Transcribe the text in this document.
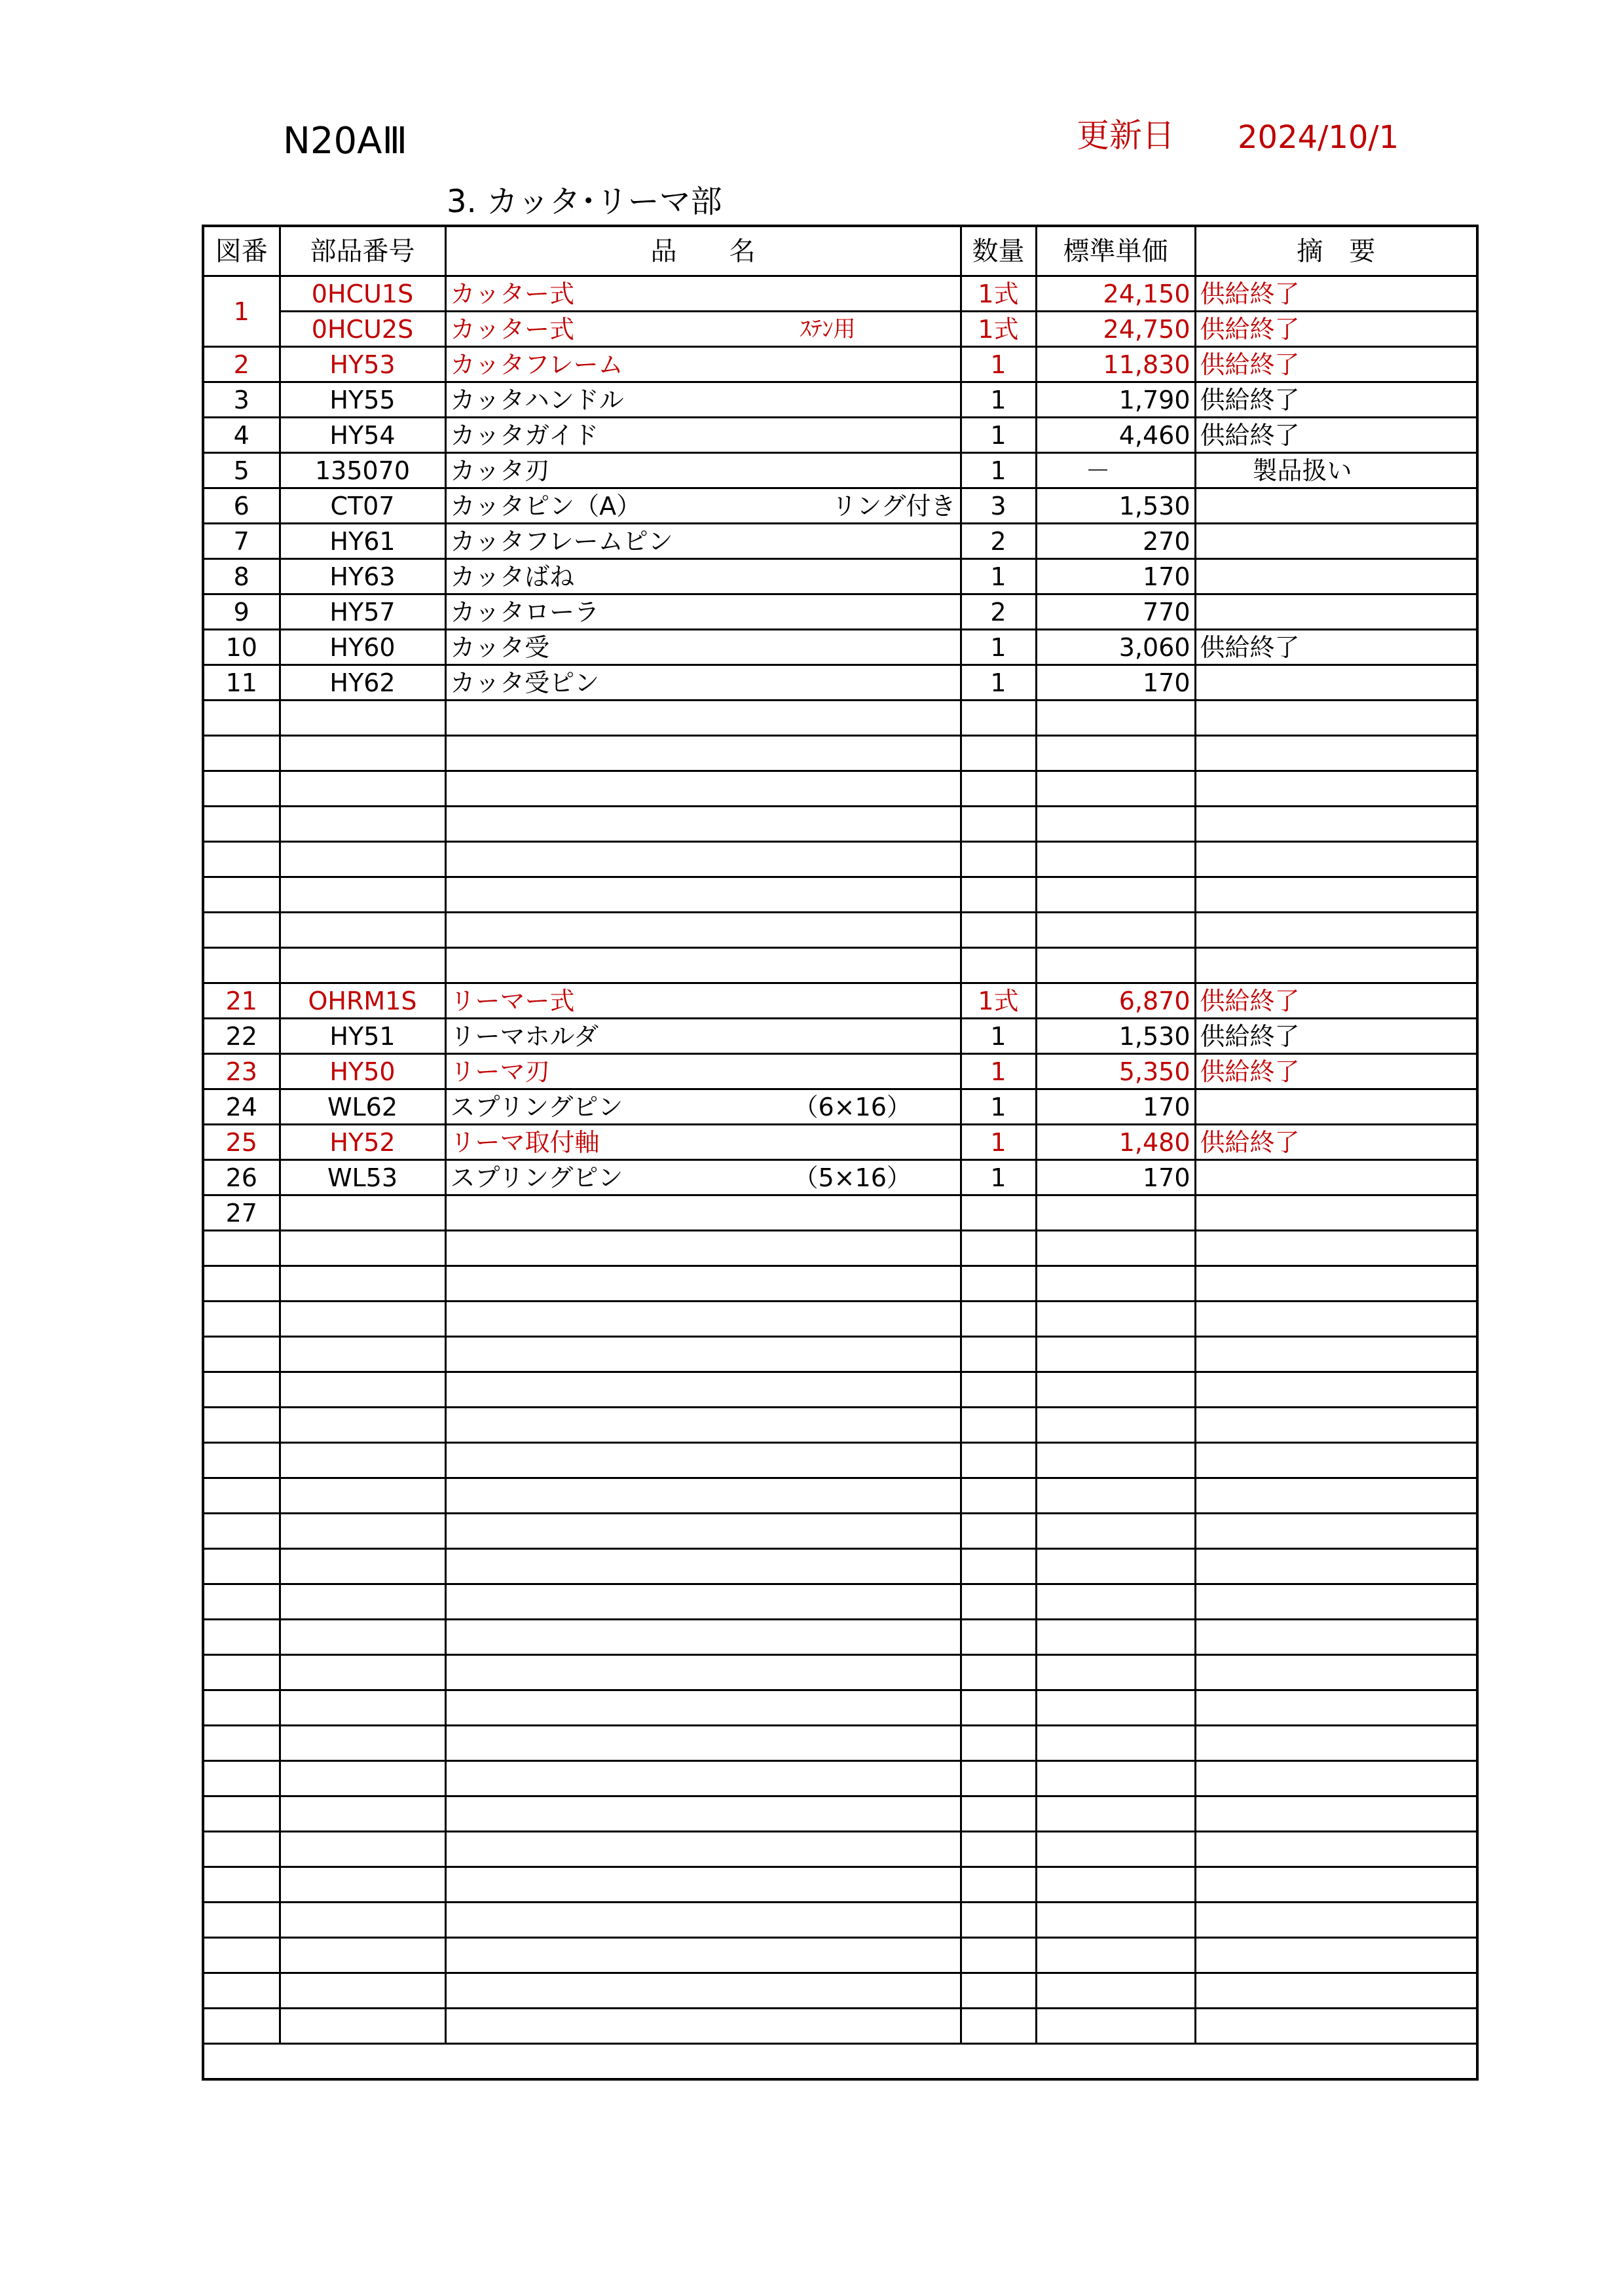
N20AⅢ	更新日 2024/10/1
3. カッタ･リーマ部
図番	部品番号	品　　名	数量	標準単価	摘　要
1	0HCU1S	カッター式	1式	24,150	供給終了
	0HCU2S	カッター式 ｽﾃﾝ用	1式	24,750	供給終了
2	HY53	カッタフレーム	1	11,830	供給終了
3	HY55	カッタハンドル	1	1,790	供給終了
4	HY54	カッタガイド	1	4,460	供給終了
5	135070	カッタ刃	1	－	製品扱い
6	CT07	カッタピン（A） リング付き	3	1,530	
7	HY61	カッタフレームピン	2	270	
8	HY63	カッタばね	1	170	
9	HY57	カッタローラ	2	770	
10	HY60	カッタ受	1	3,060	供給終了
11	HY62	カッタ受ピン	1	170	

21	OHRM1S	リーマー式	1式	6,870	供給終了
22	HY51	リーマホルダ	1	1,530	供給終了
23	HY50	リーマ刃	1	5,350	供給終了
24	WL62	スプリングピン （6×16）	1	170	
25	HY52	リーマ取付軸	1	1,480	供給終了
26	WL53	スプリングピン （5×16）	1	170	
27					
